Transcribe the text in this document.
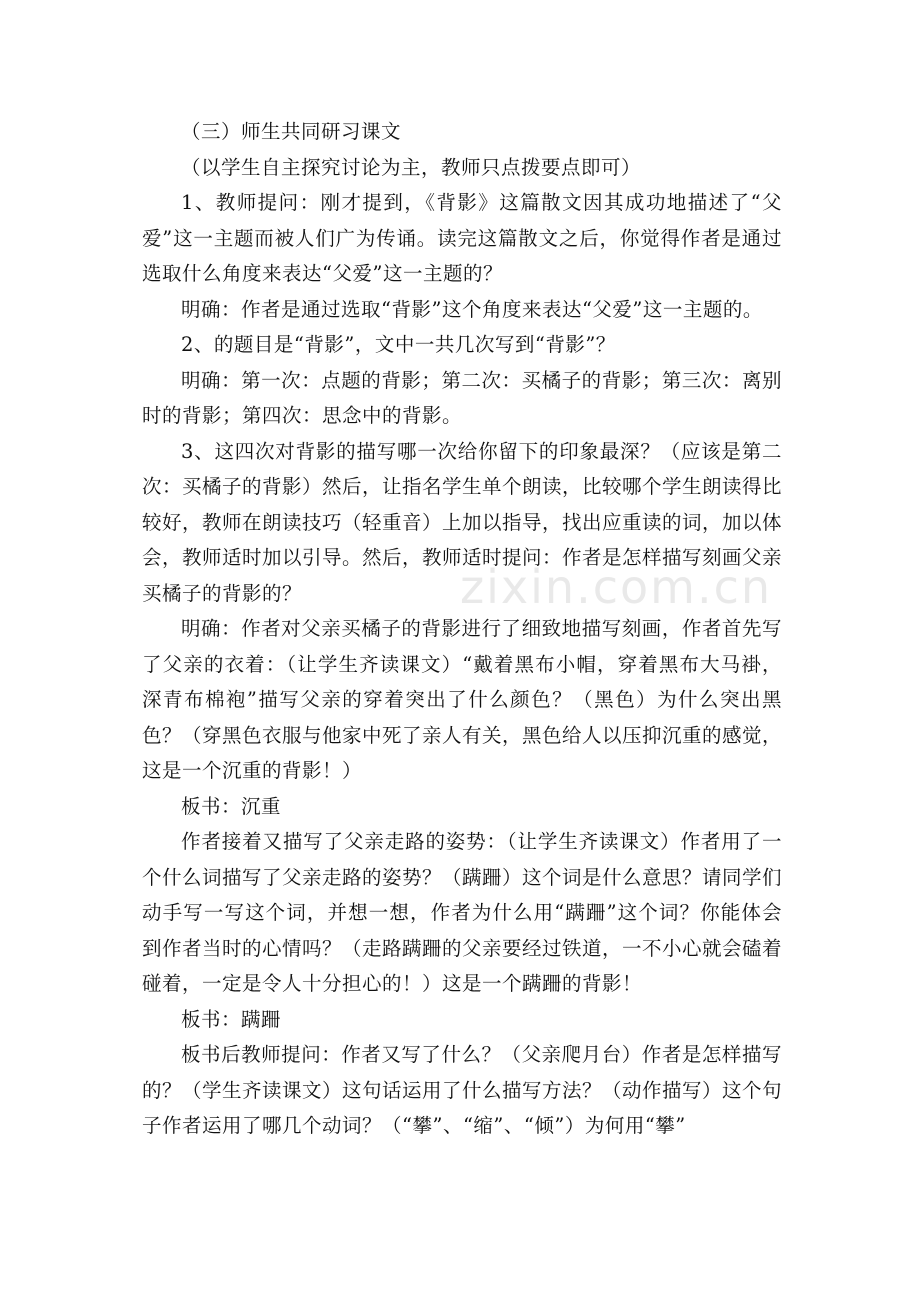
zixin.com.cn

（三）师生共同研习课文

（以学生自主探究讨论为主，教师只点拨要点即可）

1、教师提问：刚才提到，《背影》这篇散文因其成功地描述了“父爱”这一主题而被人们广为传诵。读完这篇散文之后，你觉得作者是通过选取什么角度来表达“父爱”这一主题的？

明确：作者是通过选取“背影”这个角度来表达“父爱”这一主题的。

2、的题目是“背影”，文中一共几次写到“背影”？

明确：第一次：点题的背影；第二次：买橘子的背影；第三次：离别时的背影；第四次：思念中的背影。

3、这四次对背影的描写哪一次给你留下的印象最深？（应该是第二次：买橘子的背影）然后，让指名学生单个朗读，比较哪个学生朗读得比较好，教师在朗读技巧（轻重音）上加以指导，找出应重读的词，加以体会，教师适时加以引导。然后，教师适时提问：作者是怎样描写刻画父亲买橘子的背影的？

明确：作者对父亲买橘子的背影进行了细致地描写刻画，作者首先写了父亲的衣着：（让学生齐读课文）“戴着黑布小帽，穿着黑布大马褂，深青布棉袍”描写父亲的穿着突出了什么颜色？（黑色）为什么突出黑色？（穿黑色衣服与他家中死了亲人有关，黑色给人以压抑沉重的感觉，这是一个沉重的背影！）

板书：沉重

作者接着又描写了父亲走路的姿势：（让学生齐读课文）作者用了一个什么词描写了父亲走路的姿势？（蹒跚）这个词是什么意思？请同学们动手写一写这个词，并想一想，作者为什么用“蹒跚”这个词？你能体会到作者当时的心情吗？（走路蹒跚的父亲要经过铁道，一不小心就会磕着碰着，一定是令人十分担心的！）这是一个蹒跚的背影！

板书：蹒跚

板书后教师提问：作者又写了什么？（父亲爬月台）作者是怎样描写的？（学生齐读课文）这句话运用了什么描写方法？（动作描写）这个句子作者运用了哪几个动词？（“攀”、“缩”、“倾”）为何用“攀”
